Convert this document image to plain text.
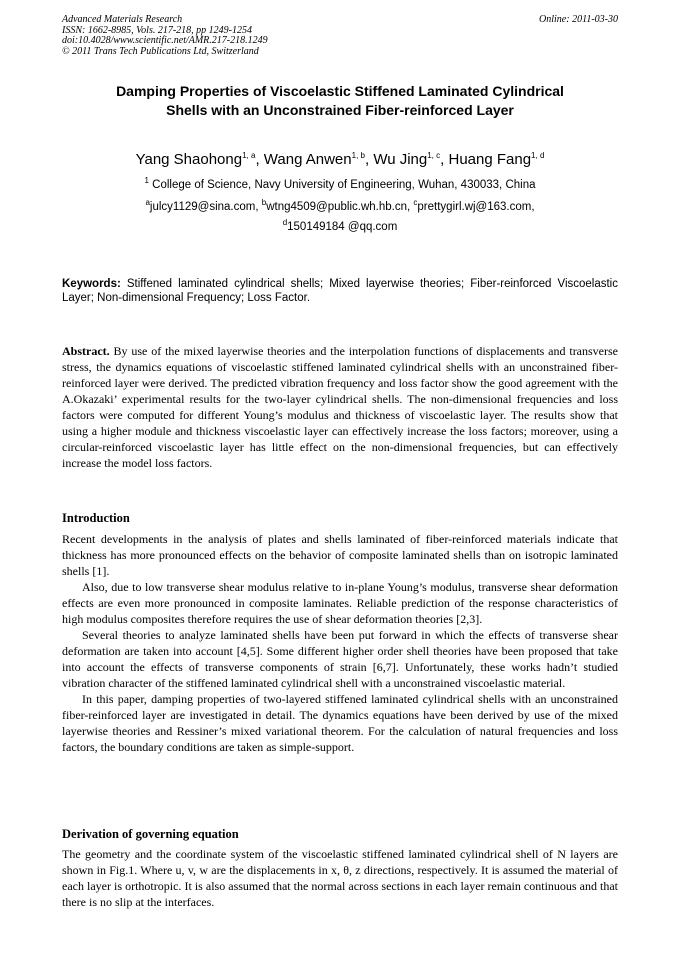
Advanced Materials Research
ISSN: 1662-8985, Vols. 217-218, pp 1249-1254
doi:10.4028/www.scientific.net/AMR.217-218.1249
© 2011 Trans Tech Publications Ltd, Switzerland
Online: 2011-03-30
Damping Properties of Viscoelastic Stiffened Laminated Cylindrical
Shells with an Unconstrained Fiber-reinforced Layer
Yang Shaohong$^{1, a}$, Wang Anwen$^{1, b}$, Wu Jing$^{1, c}$, Huang Fang$^{1, d}$
$^1$ College of Science, Navy University of Engineering, Wuhan, 430033, China
$^a$julcy1129@sina.com, $^b$wtng4509@public.wh.hb.cn, $^c$prettygirl.wj@163.com,
$^d$150149184 @qq.com
Keywords: Stiffened laminated cylindrical shells; Mixed layerwise theories; Fiber-reinforced Viscoelastic Layer; Non-dimensional Frequency; Loss Factor.
Abstract. By use of the mixed layerwise theories and the interpolation functions of displacements and transverse stress, the dynamics equations of viscoelastic stiffened laminated cylindrical shells with an unconstrained fiber-reinforced layer were derived. The predicted vibration frequency and loss factor show the good agreement with the A.Okazaki’ experimental results for the two-layer cylindrical shells. The non-dimensional frequencies and loss factors were computed for different Young’s modulus and thickness of viscoelastic layer. The results show that using a higher module and thickness viscoelastic layer can effectively increase the loss factors; moreover, using a circular-reinforced viscoelastic layer has little effect on the non-dimensional frequencies, but can effectively increase the model loss factors.
Introduction

Recent developments in the analysis of plates and shells laminated of fiber-reinforced materials indicate that thickness has more pronounced effects on the behavior of composite laminated shells than on isotropic laminated shells [1].

Also, due to low transverse shear modulus relative to in-plane Young’s modulus, transverse shear deformation effects are even more pronounced in composite laminates. Reliable prediction of the response characteristics of high modulus composites therefore requires the use of shear deformation theories [2,3].

Several theories to analyze laminated shells have been put forward in which the effects of transverse shear deformation are taken into account [4,5]. Some different higher order shell theories have been proposed that take into account the effects of transverse components of strain [6,7]. Unfortunately, these works hadn’t studied vibration character of the stiffened laminated cylindrical shell with a unconstrained viscoelastic material.

In this paper, damping properties of two-layered stiffened laminated cylindrical shells with an unconstrained fiber-reinforced layer are investigated in detail. The dynamics equations have been derived by use of the mixed layerwise theories and Ressiner’s mixed variational theorem. For the calculation of natural frequencies and loss factors, the boundary conditions are taken as simple-support.

Derivation of governing equation

The geometry and the coordinate system of the viscoelastic stiffened laminated cylindrical shell of N layers are shown in Fig.1. Where u, v, w are the displacements in x, θ, z directions, respectively. It is assumed the material of each layer is orthotropic. It is also assumed that the normal across sections in each layer remain continuous and that there is no slip at the interfaces.
